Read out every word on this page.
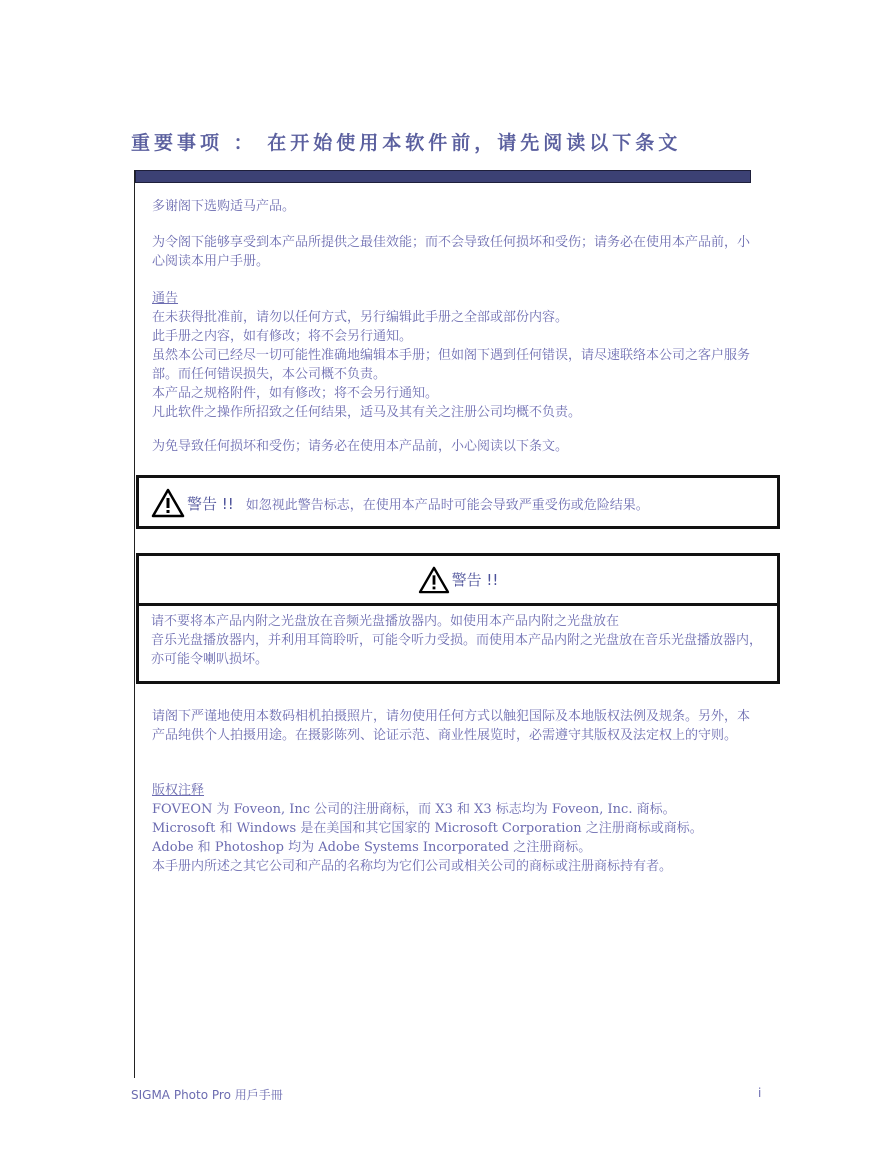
重要事项 ： 在开始使用本软件前，请先阅读以下条文

多谢阁下选购适马产品。

为令阁下能够享受到本产品所提供之最佳效能；而不会导致任何损坏和受伤；请务必在使用本产品前，小心阅读本用户手册。

通告

在未获得批准前，请勿以任何方式，另行编辑此手册之全部或部份内容。

此手册之内容，如有修改；将不会另行通知。

虽然本公司已经尽一切可能性准确地编辑本手册；但如阁下遇到任何错误，请尽速联络本公司之客户服务部。而任何错误损失，本公司概不负责。

本产品之规格附件，如有修改；将不会另行通知。

凡此软件之操作所招致之任何结果，适马及其有关之注册公司均概不负责。

为免导致任何损坏和受伤；请务必在使用本产品前，小心阅读以下条文。

警告 !! 如忽视此警告标志，在使用本产品时可能会导致严重受伤或危险结果。
警告 !!

请不要将本产品内附之光盘放在音频光盘播放器内。如使用本产品内附之光盘放在

音乐光盘播放器内，并利用耳筒聆听，可能令听力受损。而使用本产品内附之光盘放在音乐光盘播放器内，亦可能令喇叭损坏。

请阁下严谨地使用本数码相机拍摄照片，请勿使用任何方式以触犯国际及本地版权法例及规条。另外，本产品纯供个人拍摄用途。在摄影陈列、论证示范、商业性展览时，必需遵守其版权及法定权上的守则。

版权注释

FOVEON 为 Foveon, Inc 公司的注册商标，而 X3 和 X3 标志均为 Foveon, Inc. 商标。

Microsoft 和 Windows 是在美国和其它国家的 Microsoft Corporation 之注册商标或商标。

Adobe 和 Photoshop 均为 Adobe Systems Incorporated 之注册商标。

本手册内所述之其它公司和产品的名称均为它们公司或相关公司的商标或注册商标持有者。

SIGMA Photo Pro 用戶手冊	i
